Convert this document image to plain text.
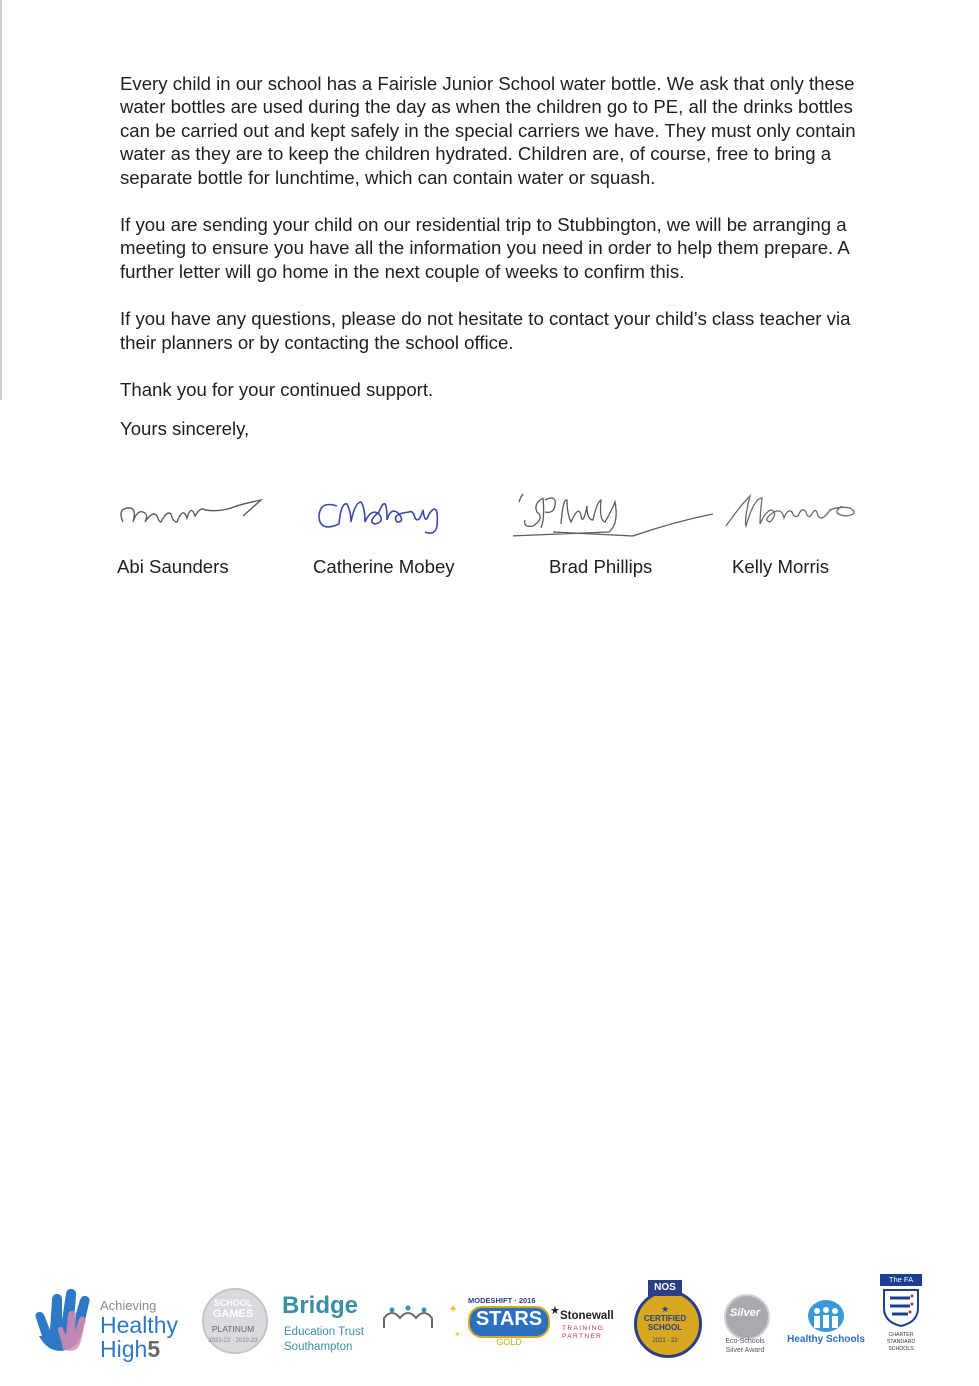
Every child in our school has a Fairisle Junior School water bottle. We ask that only these water bottles are used during the day as when the children go to PE, all the drinks bottles can be carried out and kept safely in the special carriers we have. They must only contain water as they are to keep the children hydrated. Children are, of course, free to bring a separate bottle for lunchtime, which can contain water or squash.

If you are sending your child on our residential trip to Stubbington, we will be arranging a meeting to ensure you have all the information you need in order to help them prepare. A further letter will go home in the next couple of weeks to confirm this.

If you have any questions, please do not hesitate to contact your child’s class teacher via their planners or by contacting the school office.

Thank you for your continued support.

Yours sincerely,

Abi Saunders	Catherine Mobey	Brad Phillips	Kelly Morris
Achieving
Healthy
High5
SCHOOL
GAMES
PLATINUM
2021-22 · 2022-23
Bridge
Education Trust
Southampton
MODESHIFT · 2016
STARS
GOLD
✦
✦
★ Stonewall
TRAINING
PARTNER
NOS
★
CERTIFIED
SCHOOL
2021 - 22
Silver
Eco-Schools
Silver Award
Healthy Schools
The FA
CHARTER
STANDARD
SCHOOLS
